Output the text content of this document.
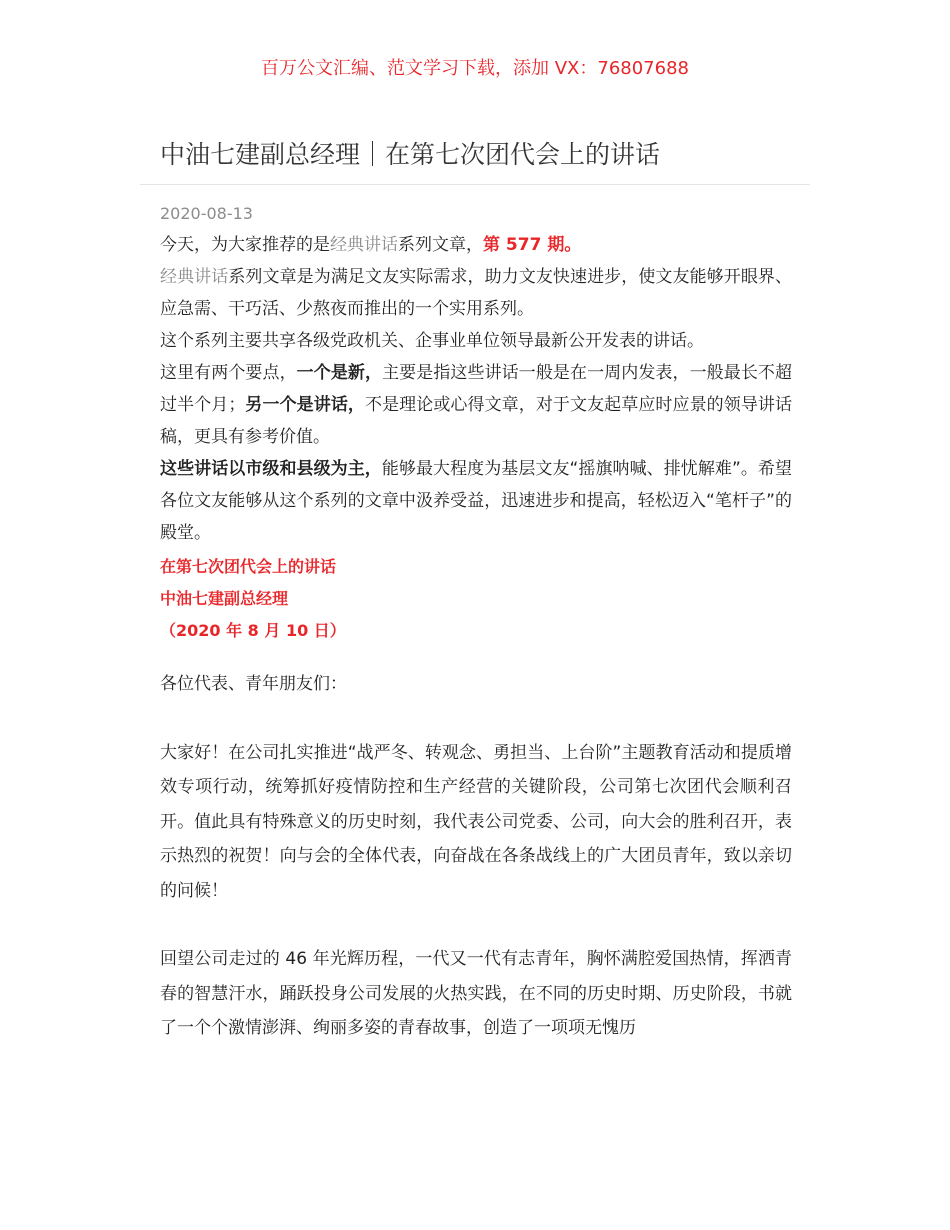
百万公文汇编、范文学习下载，添加 VX：76807688
中油七建副总经理｜在第七次团代会上的讲话
2020-08-13

今天，为大家推荐的是经典讲话系列文章，第 577 期。

经典讲话系列文章是为满足文友实际需求，助力文友快速进步，使文友能够开眼界、应急需、干巧活、少熬夜而推出的一个实用系列。

这个系列主要共享各级党政机关、企事业单位领导最新公开发表的讲话。

这里有两个要点，一个是新，主要是指这些讲话一般是在一周内发表，一般最长不超过半个月；另一个是讲话，不是理论或心得文章，对于文友起草应时应景的领导讲话稿，更具有参考价值。

这些讲话以市级和县级为主，能够最大程度为基层文友“摇旗呐喊、排忧解难”。希望各位文友能够从这个系列的文章中汲养受益，迅速进步和提高，轻松迈入“笔杆子”的殿堂。

在第七次团代会上的讲话

中油七建副总经理

（2020 年 8 月 10 日）

各位代表、青年朋友们：

大家好！在公司扎实推进“战严冬、转观念、勇担当、上台阶”主题教育活动和提质增效专项行动，统筹抓好疫情防控和生产经营的关键阶段，公司第七次团代会顺利召开。值此具有特殊意义的历史时刻，我代表公司党委、公司，向大会的胜利召开，表示热烈的祝贺！向与会的全体代表，向奋战在各条战线上的广大团员青年，致以亲切的问候！

回望公司走过的 46 年光辉历程，一代又一代有志青年，胸怀满腔爱国热情，挥洒青春的智慧汗水，踊跃投身公司发展的火热实践，在不同的历史时期、历史阶段，书就了一个个激情澎湃、绚丽多姿的青春故事，创造了一项项无愧历
